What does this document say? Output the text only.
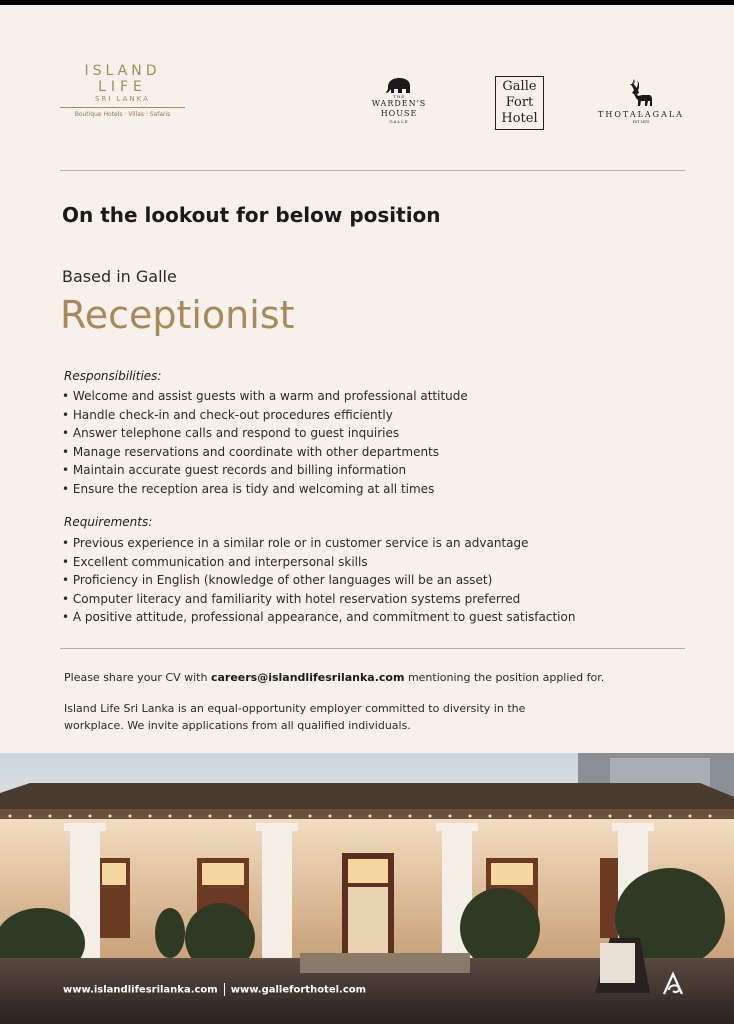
ISLAND
LIFE
SRI LANKA
Boutique Hotels · Villas · Safaris
THE
WARDEN'S
HOUSE
GALLE
Galle
Fort
Hotel	THOTALAGALA
EST 1870
On the lookout for below position
Based in Galle
Receptionist
Responsibilities:
• Welcome and assist guests with a warm and professional attitude
• Handle check-in and check-out procedures efficiently
• Answer telephone calls and respond to guest inquiries
• Manage reservations and coordinate with other departments
• Maintain accurate guest records and billing information
• Ensure the reception area is tidy and welcoming at all times
Requirements:
• Previous experience in a similar role or in customer service is an advantage
• Excellent communication and interpersonal skills
• Proficiency in English (knowledge of other languages will be an asset)
• Computer literacy and familiarity with hotel reservation systems preferred
• A positive attitude, professional appearance, and commitment to guest satisfaction
Please share your CV with careers@islandlifesrilanka.com mentioning the position applied for.
Island Life Sri Lanka is an equal-opportunity employer committed to diversity in the
workplace. We invite applications from all qualified individuals.
www.islandlifesrilanka.com www.galleforthotel.com
